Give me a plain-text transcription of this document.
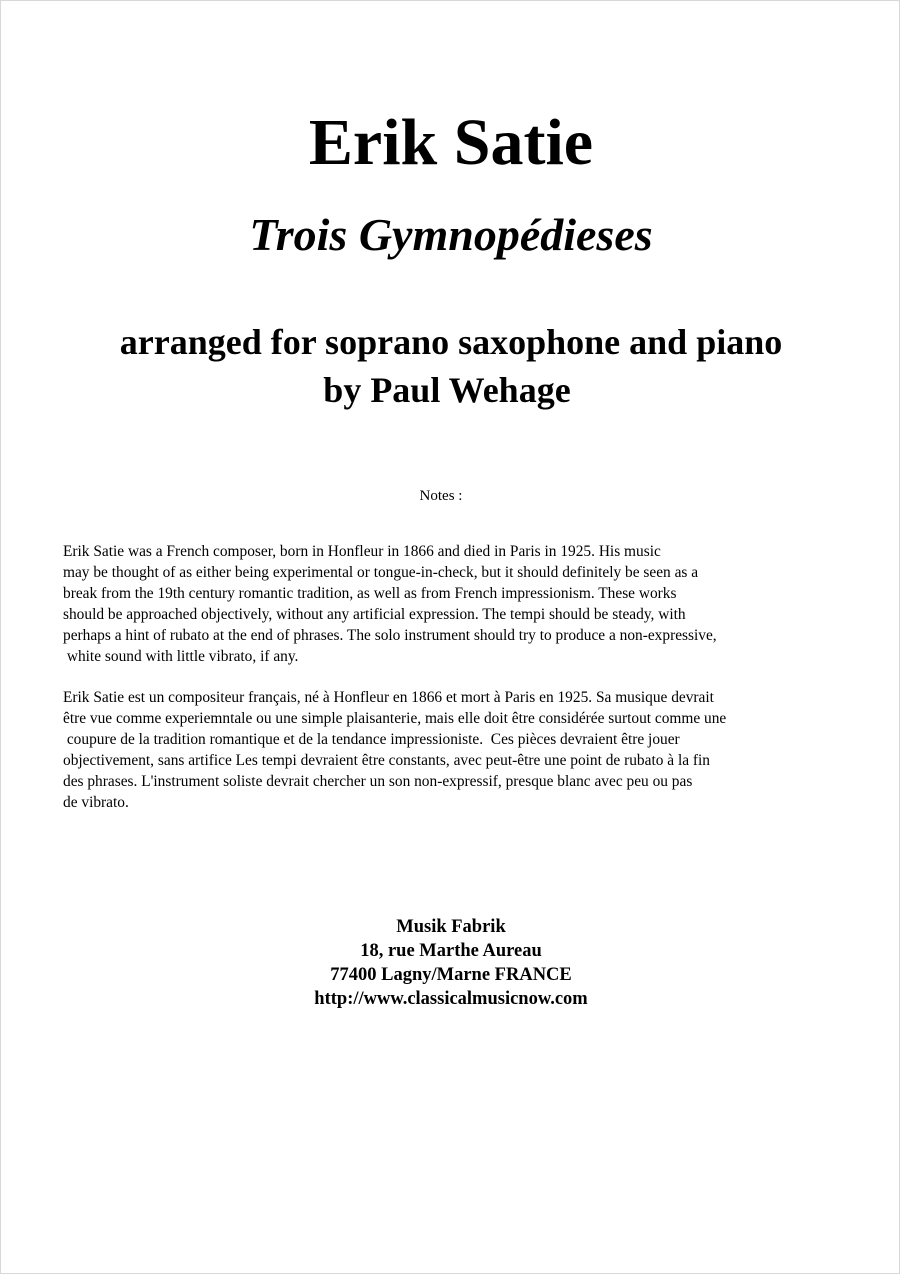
Erik Satie
Trois Gymnopédieses
arranged for soprano saxophone and piano
by Paul Wehage
Notes :
Erik Satie was a French composer, born in Honfleur in 1866 and died in Paris in 1925. His music
may be thought of as either being experimental or tongue-in-check, but it should definitely be seen as a
break from the 19th century romantic tradition, as well as from French impressionism. These works
should be approached objectively, without any artificial expression. The tempi should be steady, with
perhaps a hint of rubato at the end of phrases. The solo instrument should try to produce a non-expressive,
white sound with little vibrato, if any.
Erik Satie est un compositeur français, né à Honfleur en 1866 et mort à Paris en 1925. Sa musique devrait
être vue comme experiemntale ou une simple plaisanterie, mais elle doit être considérée surtout comme une
coupure de la tradition romantique et de la tendance impressioniste.  Ces pièces devraient être jouer
objectivement, sans artifice Les tempi devraient être constants, avec peut-être une point de rubato à la fin
des phrases. L'instrument soliste devrait chercher un son non-expressif, presque blanc avec peu ou pas
de vibrato.
Musik Fabrik
18, rue Marthe Aureau
77400 Lagny/Marne FRANCE
http://www.classicalmusicnow.com
